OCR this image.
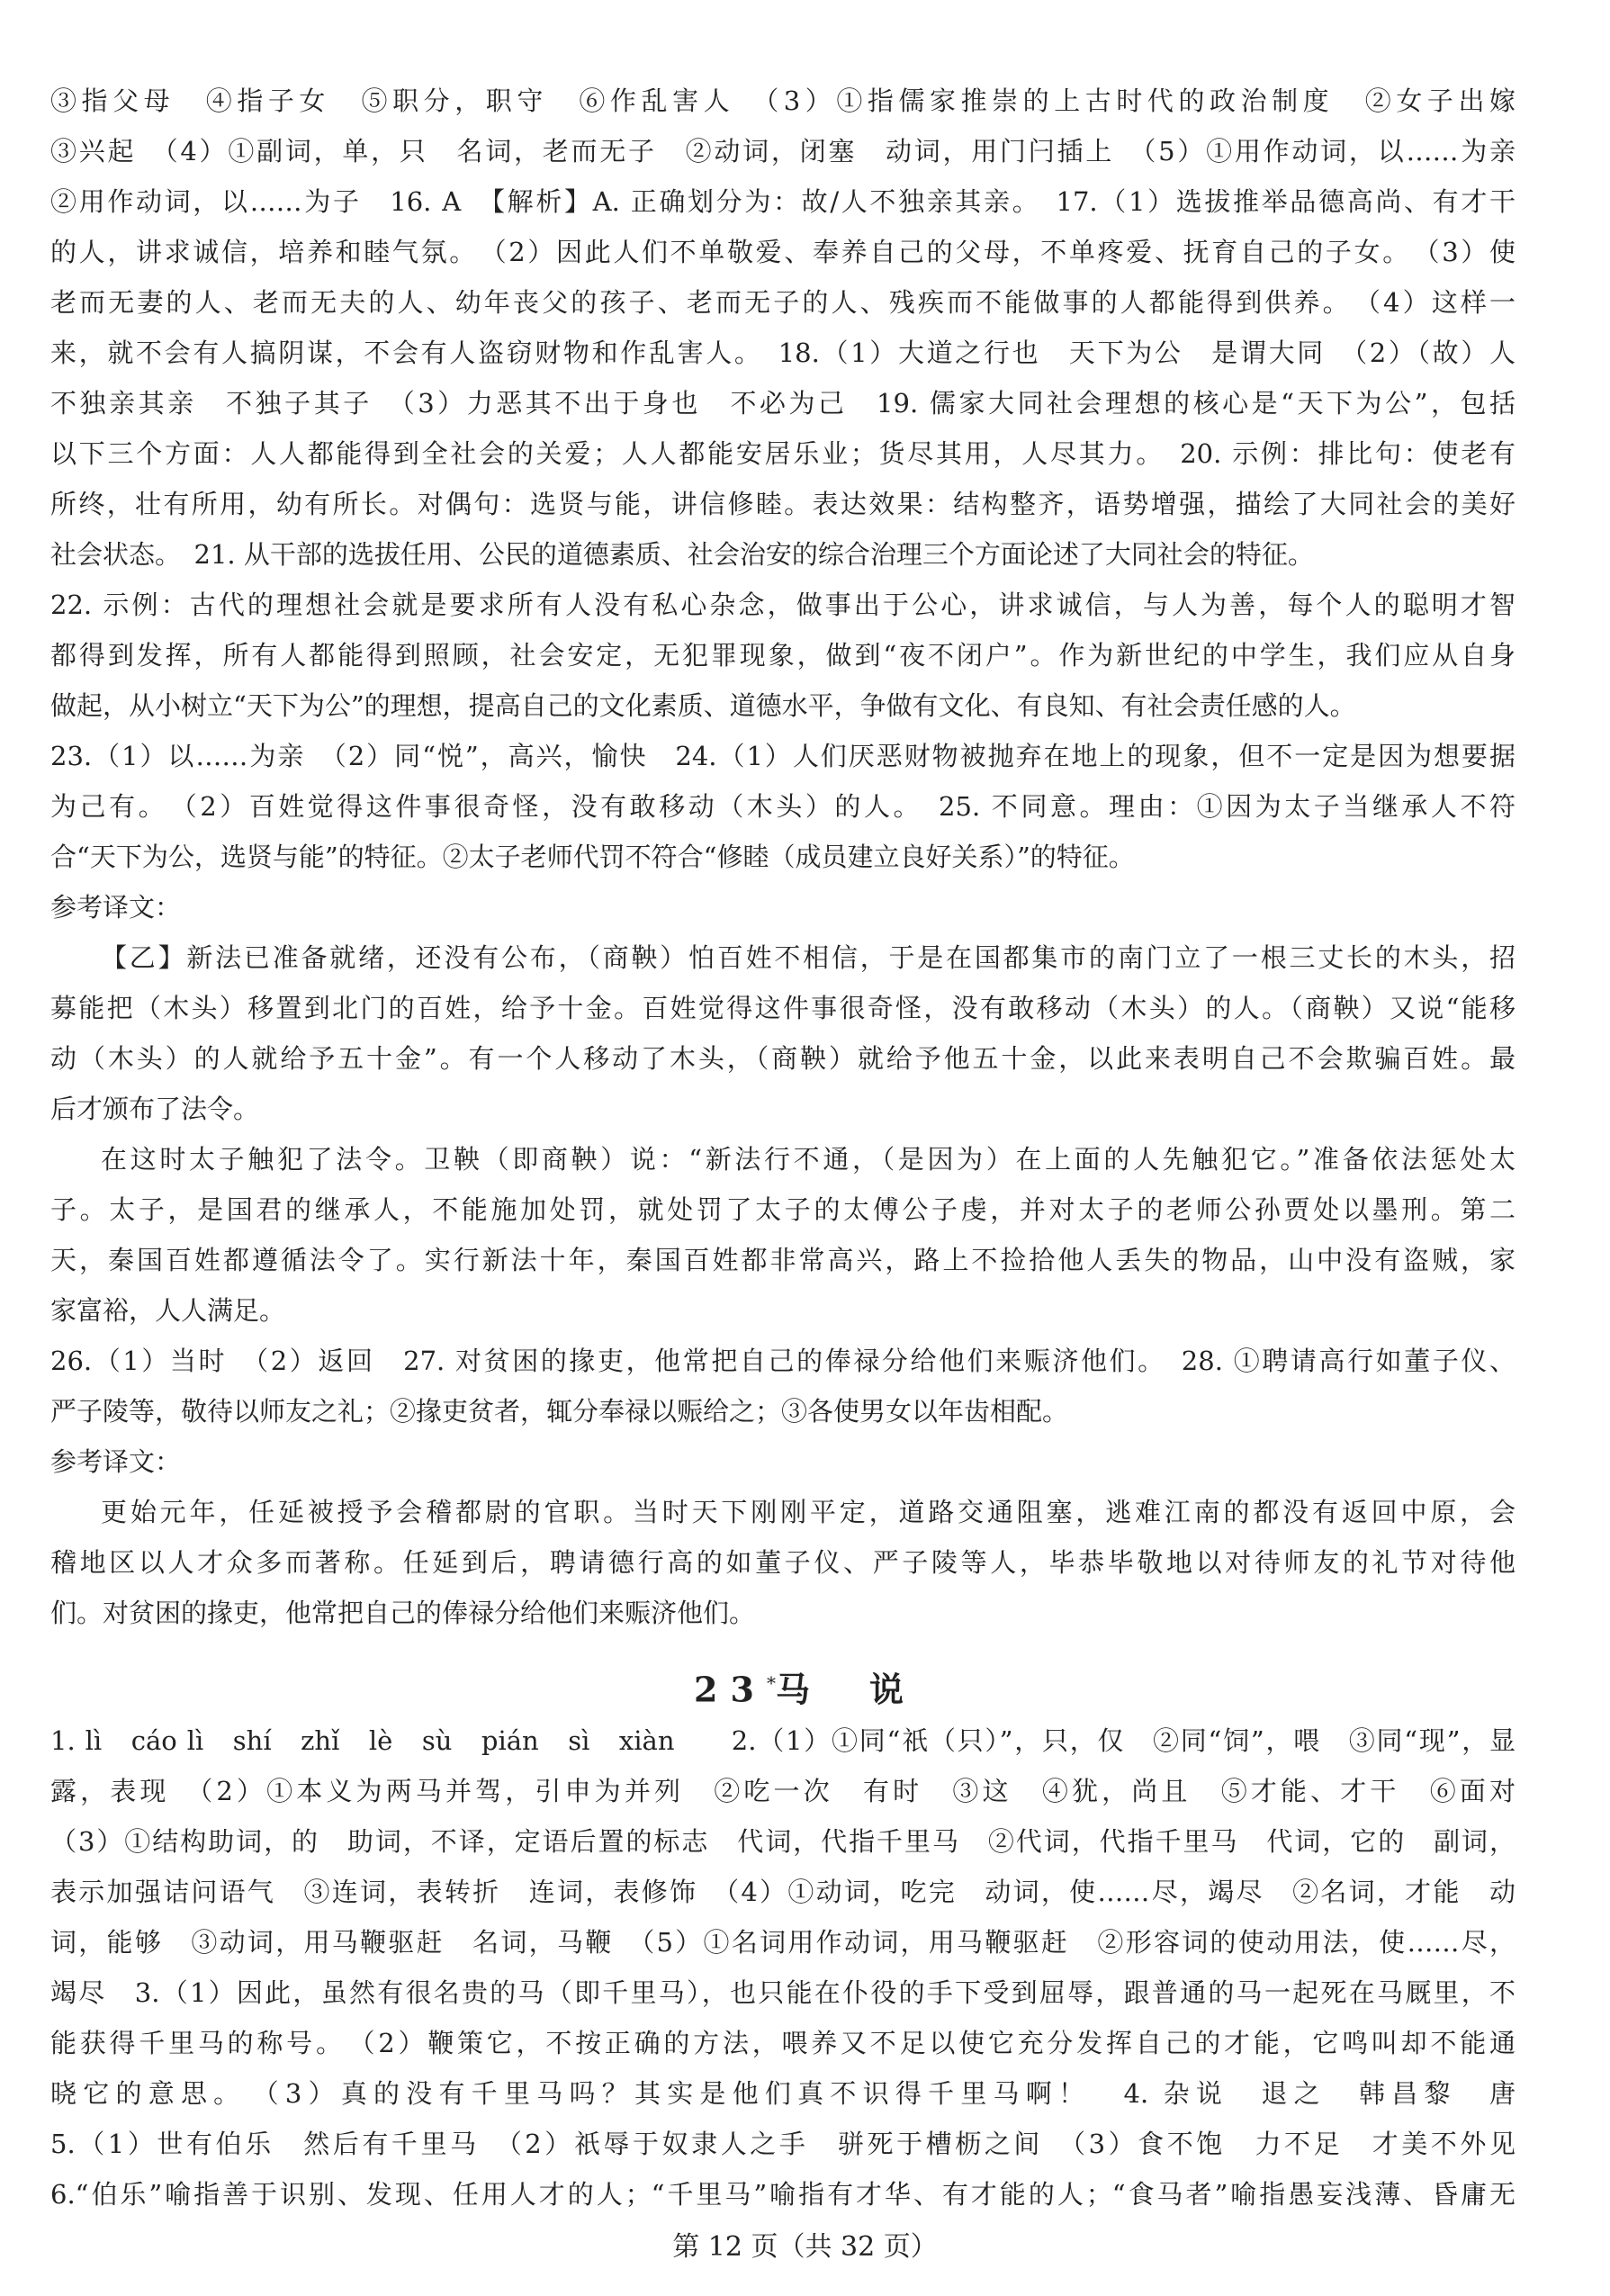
③指父母　④指子女　⑤职分，职守　⑥作乱害人　（3）①指儒家推崇的上古时代的政治制度　②女子出嫁
③兴起　（4）①副词，单，只　名词，老而无子　②动词，闭塞　动词，用门闩插上　（5）①用作动词，以……为亲
②用作动词，以……为子　16. A　【解析】A. 正确划分为：故/人不独亲其亲。　17.（1）选拔推举品德高尚、有才干
的人，讲求诚信，培养和睦气氛。　（2）因此人们不单敬爱、奉养自己的父母，不单疼爱、抚育自己的子女。　（3）使
老而无妻的人、老而无夫的人、幼年丧父的孩子、老而无子的人、残疾而不能做事的人都能得到供养。　（4）这样一
来，就不会有人搞阴谋，不会有人盗窃财物和作乱害人。　18.（1）大道之行也　天下为公　是谓大同　（2）（故）人
不独亲其亲　不独子其子　（3）力恶其不出于身也　不必为己　19. 儒家大同社会理想的核心是“天下为公”，包括
以下三个方面：人人都能得到全社会的关爱；人人都能安居乐业；货尽其用，人尽其力。　20. 示例：排比句：使老有
所终，壮有所用，幼有所长。对偶句：选贤与能，讲信修睦。表达效果：结构整齐，语势增强，描绘了大同社会的美好
社会状态。　21. 从干部的选拔任用、公民的道德素质、社会治安的综合治理三个方面论述了大同社会的特征。
22. 示例：古代的理想社会就是要求所有人没有私心杂念，做事出于公心，讲求诚信，与人为善，每个人的聪明才智
都得到发挥，所有人都能得到照顾，社会安定，无犯罪现象，做到“夜不闭户”。作为新世纪的中学生，我们应从自身
做起，从小树立“天下为公”的理想，提高自己的文化素质、道德水平，争做有文化、有良知、有社会责任感的人。
23.（1）以……为亲　（2）同“悦”，高兴，愉快　24.（1）人们厌恶财物被抛弃在地上的现象，但不一定是因为想要据
为己有。　（2）百姓觉得这件事很奇怪，没有敢移动（木头）的人。　25. 不同意。理由：①因为太子当继承人不符
合“天下为公，选贤与能”的特征。②太子老师代罚不符合“修睦（成员建立良好关系）”的特征。
参考译文：
【乙】新法已准备就绪，还没有公布，（商鞅）怕百姓不相信，于是在国都集市的南门立了一根三丈长的木头，招
募能把（木头）移置到北门的百姓，给予十金。百姓觉得这件事很奇怪，没有敢移动（木头）的人。（商鞅）又说“能移
动（木头）的人就给予五十金”。有一个人移动了木头，（商鞅）就给予他五十金，以此来表明自己不会欺骗百姓。最
后才颁布了法令。
在这时太子触犯了法令。卫鞅（即商鞅）说：“新法行不通，（是因为）在上面的人先触犯它。”准备依法惩处太
子。太子，是国君的继承人，不能施加处罚，就处罚了太子的太傅公子虔，并对太子的老师公孙贾处以墨刑。第二
天，秦国百姓都遵循法令了。实行新法十年，秦国百姓都非常高兴，路上不捡拾他人丢失的物品，山中没有盗贼，家
家富裕，人人满足。
26.（1）当时　（2）返回　27. 对贫困的掾吏，他常把自己的俸禄分给他们来赈济他们。　28. ①聘请高行如董子仪、
严子陵等，敬待以师友之礼；②掾吏贫者，辄分奉禄以赈给之；③各使男女以年齿相配。
参考译文：
更始元年，任延被授予会稽都尉的官职。当时天下刚刚平定，道路交通阻塞，逃难江南的都没有返回中原，会
稽地区以人才众多而著称。任延到后，聘请德行高的如董子仪、严子陵等人，毕恭毕敬地以对待师友的礼节对待他
们。对贫困的掾吏，他常把自己的俸禄分给他们来赈济他们。
23*马　说
1. lì　cáo lì　shí　zhǐ　lè　sù　pián　sì　xiàn　　2.（1）①同“祇（只）”，只，仅　②同“饲”，喂　③同“现”，显
露，表现　（2）①本义为两马并驾，引申为并列　②吃一次　有时　③这　④犹，尚且　⑤才能、才干　⑥面对
（3）①结构助词，的　助词，不译，定语后置的标志　代词，代指千里马　②代词，代指千里马　代词，它的　副词，
表示加强诘问语气　③连词，表转折　连词，表修饰　（4）①动词，吃完　动词，使……尽，竭尽　②名词，才能　动
词，能够　③动词，用马鞭驱赶　名词，马鞭　（5）①名词用作动词，用马鞭驱赶　②形容词的使动用法，使……尽，
竭尽　3.（1）因此，虽然有很名贵的马（即千里马），也只能在仆役的手下受到屈辱，跟普通的马一起死在马厩里，不
能获得千里马的称号。　（2）鞭策它，不按正确的方法，喂养又不足以使它充分发挥自己的才能，它鸣叫却不能通
晓它的意思。　（3）真的没有千里马吗？其实是他们真不识得千里马啊！　4. 杂说　退之　韩昌黎　唐
5.（1）世有伯乐　然后有千里马　（2）祇辱于奴隶人之手　骈死于槽枥之间　（3）食不饱　力不足　才美不外见
6.“伯乐”喻指善于识别、发现、任用人才的人；“千里马”喻指有才华、有才能的人；“食马者”喻指愚妄浅薄、昏庸无
第 12 页（共 32 页）
